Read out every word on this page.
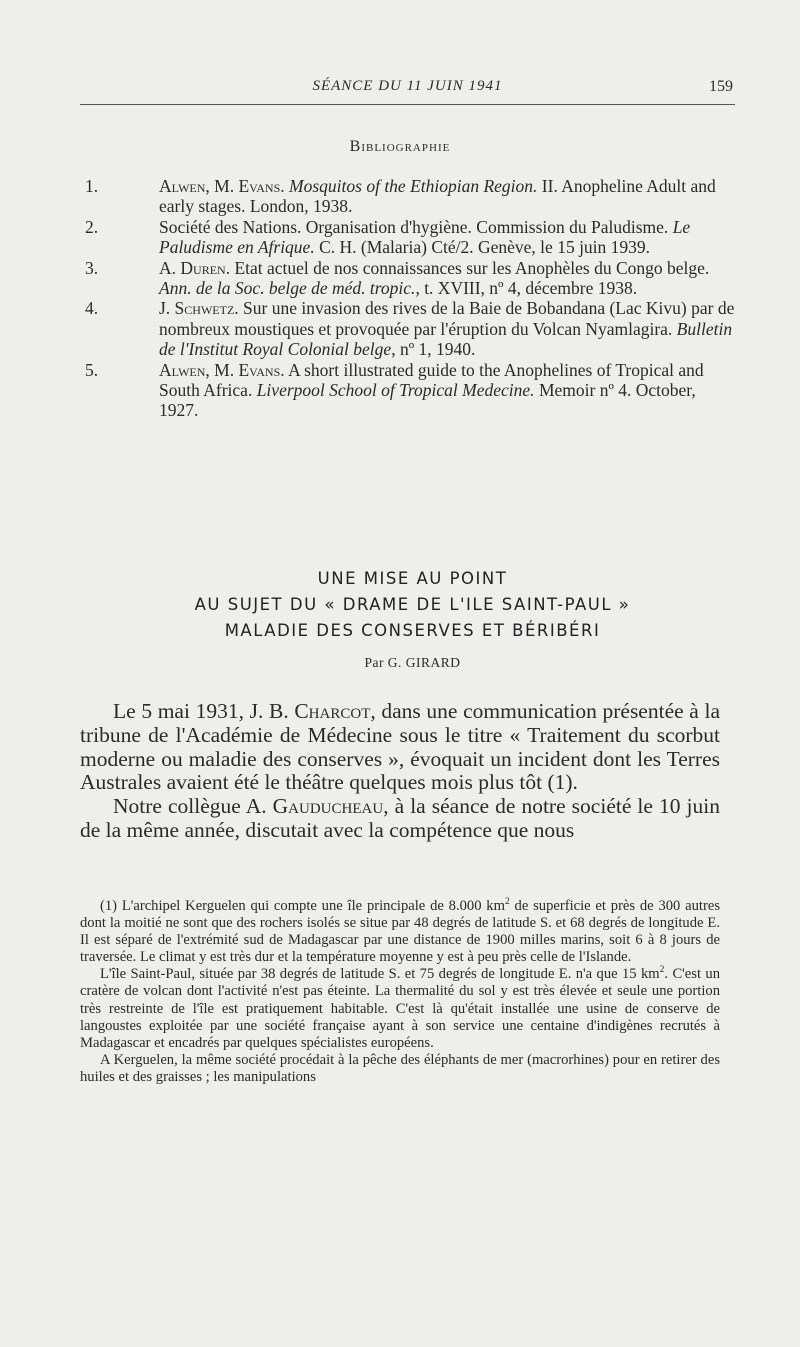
SÉANCE DU 11 JUIN 1941	159
Bibliographie
1.	Alwen, M. Evans. Mosquitos of the Ethiopian Region. II. Anopheline Adult and early stages. London, 1938.
2.	Société des Nations. Organisation d'hygiène. Commission du Paludisme. Le Paludisme en Afrique. C. H. (Malaria) Cté/2. Genève, le 15 juin 1939.
3.	A. Duren. Etat actuel de nos connaissances sur les Anophèles du Congo belge. Ann. de la Soc. belge de méd. tropic., t. XVIII, nº 4, décembre 1938.
4.	J. Schwetz. Sur une invasion des rives de la Baie de Bobandana (Lac Kivu) par de nombreux moustiques et provoquée par l'éruption du Volcan Nyamlagira. Bulletin de l'Institut Royal Colonial belge, nº 1, 1940.
5.	Alwen, M. Evans. A short illustrated guide to the Anophelines of Tropical and South Africa. Liverpool School of Tropical Medecine. Memoir nº 4. October, 1927.
UNE MISE AU POINT
AU SUJET DU « DRAME DE L'ILE SAINT-PAUL »
MALADIE DES CONSERVES ET BÉRIBÉRI
Par G. GIRARD

Le 5 mai 1931, J. B. Charcot, dans une communication présentée à la tribune de l'Académie de Médecine sous le titre « Traitement du scorbut moderne ou maladie des conserves », évoquait un incident dont les Terres Australes avaient été le théâtre quelques mois plus tôt (1).

Notre collègue A. Gauducheau, à la séance de notre société le 10 juin de la même année, discutait avec la compétence que nous

(1) L'archipel Kerguelen qui compte une île principale de 8.000 $km^2$ de superficie et près de 300 autres dont la moitié ne sont que des rochers isolés se situe par 48 degrés de latitude S. et 68 degrés de longitude E. Il est séparé de l'extrémité sud de Madagascar par une distance de 1900 milles marins, soit 6 à 8 jours de traversée. Le climat y est très dur et la température moyenne y est à peu près celle de l'Islande.

L'île Saint-Paul, située par 38 degrés de latitude S. et 75 degrés de longitude E. n'a que 15 $km^2$. C'est un cratère de volcan dont l'activité n'est pas éteinte. La thermalité du sol y est très élevée et seule une portion très restreinte de l'île est pratiquement habitable. C'est là qu'était installée une usine de conserve de langoustes exploitée par une société française ayant à son service une centaine d'indigènes recrutés à Madagascar et encadrés par quelques spécialistes européens.

A Kerguelen, la même société procédait à la pêche des éléphants de mer (macrorhines) pour en retirer des huiles et des graisses ; les manipulations
